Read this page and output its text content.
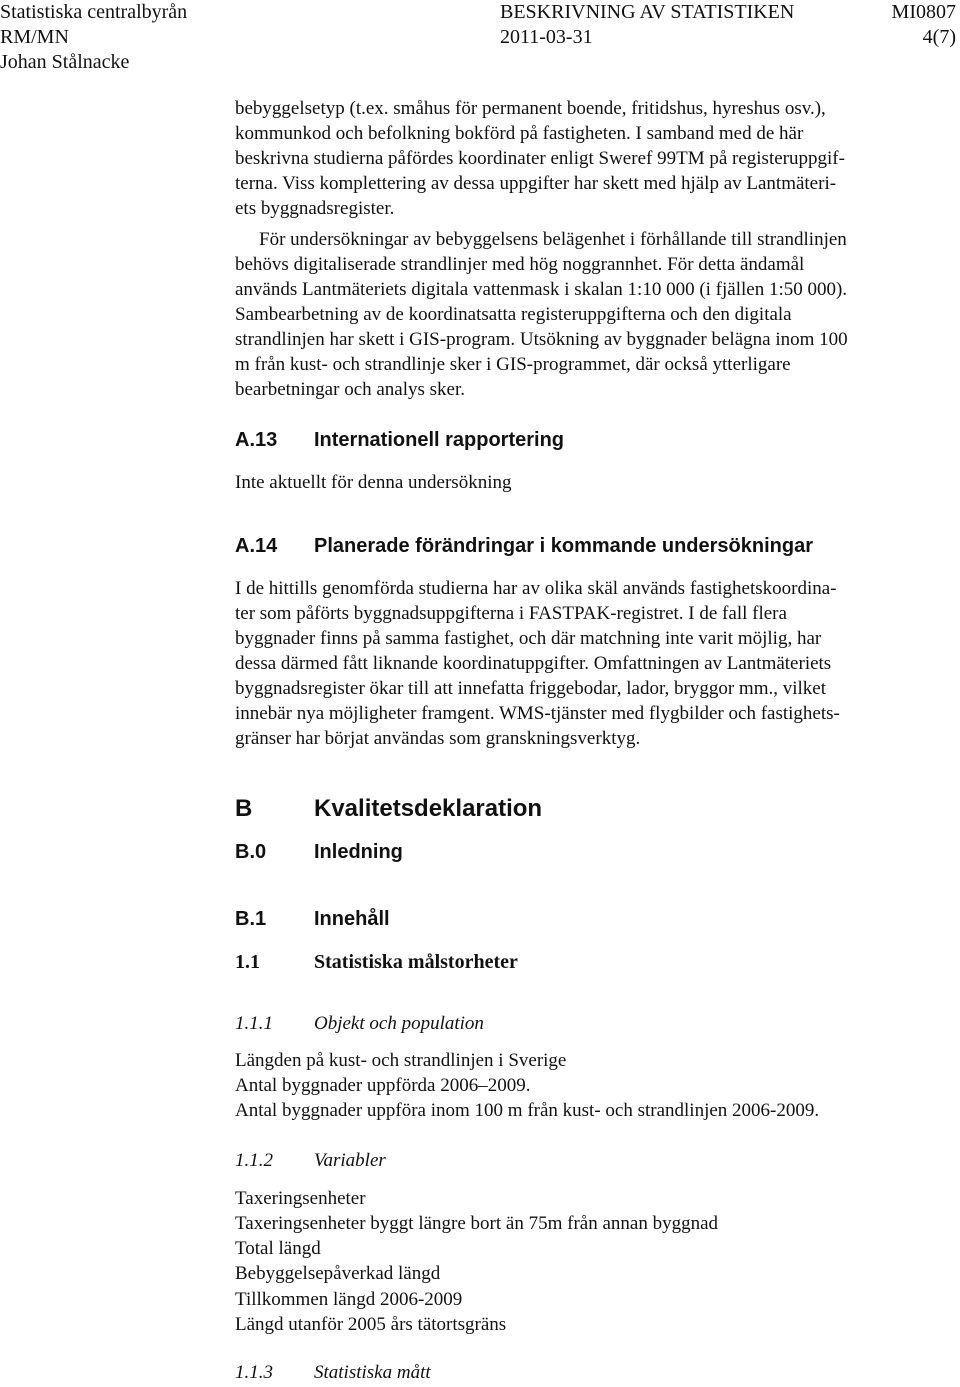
Statistiska centralbyrån
RM/MN
Johan Stålnacke
BESKRIVNING AV STATISTIKEN
2011-03-31
MI0807
4(7)
bebyggelsetyp (t.ex. småhus för permanent boende, fritidshus, hyreshus osv.),
kommunkod och befolkning bokförd på fastigheten. I samband med de här
beskrivna studierna påfördes koordinater enligt Sweref 99TM på registeruppgif-
terna. Viss komplettering av dessa uppgifter har skett med hjälp av Lantmäteri-
ets byggnadsregister.
För undersökningar av bebyggelsens belägenhet i förhållande till strandlinjen
behövs digitaliserade strandlinjer med hög noggrannhet. För detta ändamål
används Lantmäteriets digitala vattenmask i skalan 1:10 000 (i fjällen 1:50 000).
Sambearbetning av de koordinatsatta registeruppgifterna och den digitala
strandlinjen har skett i GIS-program. Utsökning av byggnader belägna inom 100
m från kust- och strandlinje sker i GIS-programmet, där också ytterligare
bearbetningar och analys sker.
A.13 Internationell rapportering
Inte aktuellt för denna undersökning
A.14 Planerade förändringar i kommande undersökningar
I de hittills genomförda studierna har av olika skäl används fastighetskoordina-
ter som påförts byggnadsuppgifterna i FASTPAK-registret. I de fall flera
byggnader finns på samma fastighet, och där matchning inte varit möjlig, har
dessa därmed fått liknande koordinatuppgifter. Omfattningen av Lantmäteriets
byggnadsregister ökar till att innefatta friggebodar, lador, bryggor mm., vilket
innebär nya möjligheter framgent. WMS-tjänster med flygbilder och fastighets-
gränser har börjat användas som granskningsverktyg.
B	Kvalitetsdeklaration
B.0 Inledning
B.1 Innehåll
1.1	Statistiska målstorheter
1.1.1 Objekt och population
Längden på kust- och strandlinjen i Sverige
Antal byggnader uppförda 2006–2009.
Antal byggnader uppföra inom 100 m från kust- och strandlinjen 2006-2009.
1.1.2 Variabler
Taxeringsenheter
Taxeringsenheter byggt längre bort än 75m från annan byggnad
Total längd
Bebyggelsepåverkad längd
Tillkommen längd 2006-2009
Längd utanför 2005 års tätortsgräns
1.1.3 Statistiska mått
